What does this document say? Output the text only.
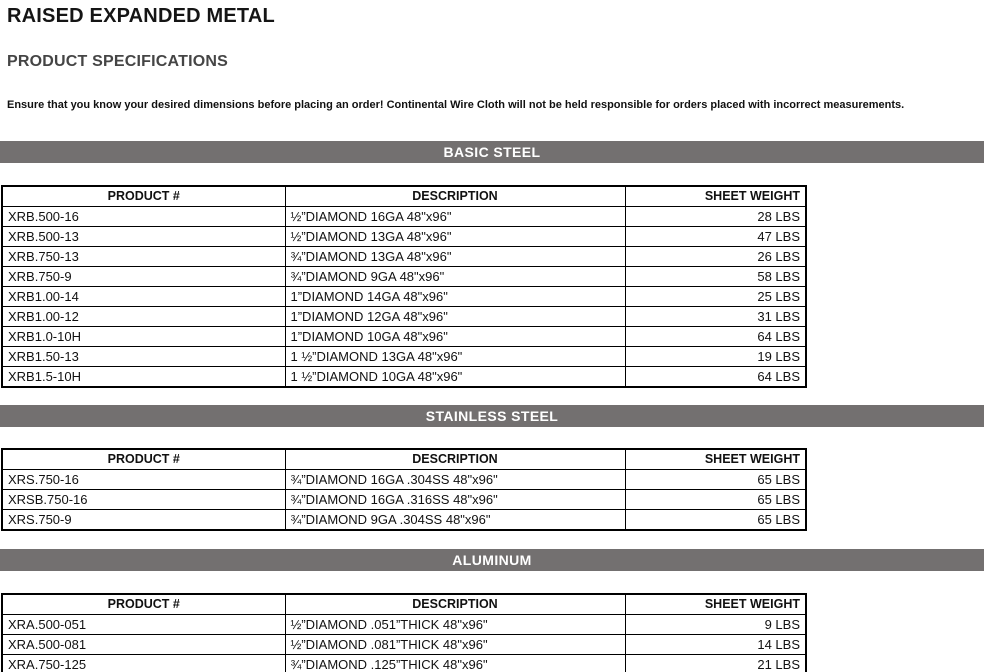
RAISED EXPANDED METAL
PRODUCT SPECIFICATIONS
Ensure that you know your desired dimensions before placing an order! Continental Wire Cloth will not be held responsible for orders placed with incorrect measurements.
BASIC STEEL
PRODUCT #	DESCRIPTION	SHEET WEIGHT
XRB.500-16	½”DIAMOND 16GA 48"x96"	28 LBS
XRB.500-13	½”DIAMOND 13GA 48"x96"	47 LBS
XRB.750-13	¾”DIAMOND 13GA 48"x96"	26 LBS
XRB.750-9	¾”DIAMOND 9GA 48"x96"	58 LBS
XRB1.00-14	1”DIAMOND 14GA 48"x96"	25 LBS
XRB1.00-12	1”DIAMOND 12GA 48"x96"	31 LBS
XRB1.0-10H	1”DIAMOND 10GA 48"x96"	64 LBS
XRB1.50-13	1 ½”DIAMOND 13GA 48"x96"	19 LBS
XRB1.5-10H	1 ½”DIAMOND 10GA 48"x96"	64 LBS
STAINLESS STEEL
PRODUCT #	DESCRIPTION	SHEET WEIGHT
XRS.750-16	¾”DIAMOND 16GA .304SS 48"x96"	65 LBS
XRSB.750-16	¾”DIAMOND 16GA .316SS 48"x96"	65 LBS
XRS.750-9	¾”DIAMOND 9GA .304SS 48"x96"	65 LBS
ALUMINUM
PRODUCT #	DESCRIPTION	SHEET WEIGHT
XRA.500-051	½”DIAMOND .051”THICK 48"x96"	9 LBS
XRA.500-081	½”DIAMOND .081”THICK 48"x96"	14 LBS
XRA.750-125	¾”DIAMOND .125”THICK 48"x96"	21 LBS
